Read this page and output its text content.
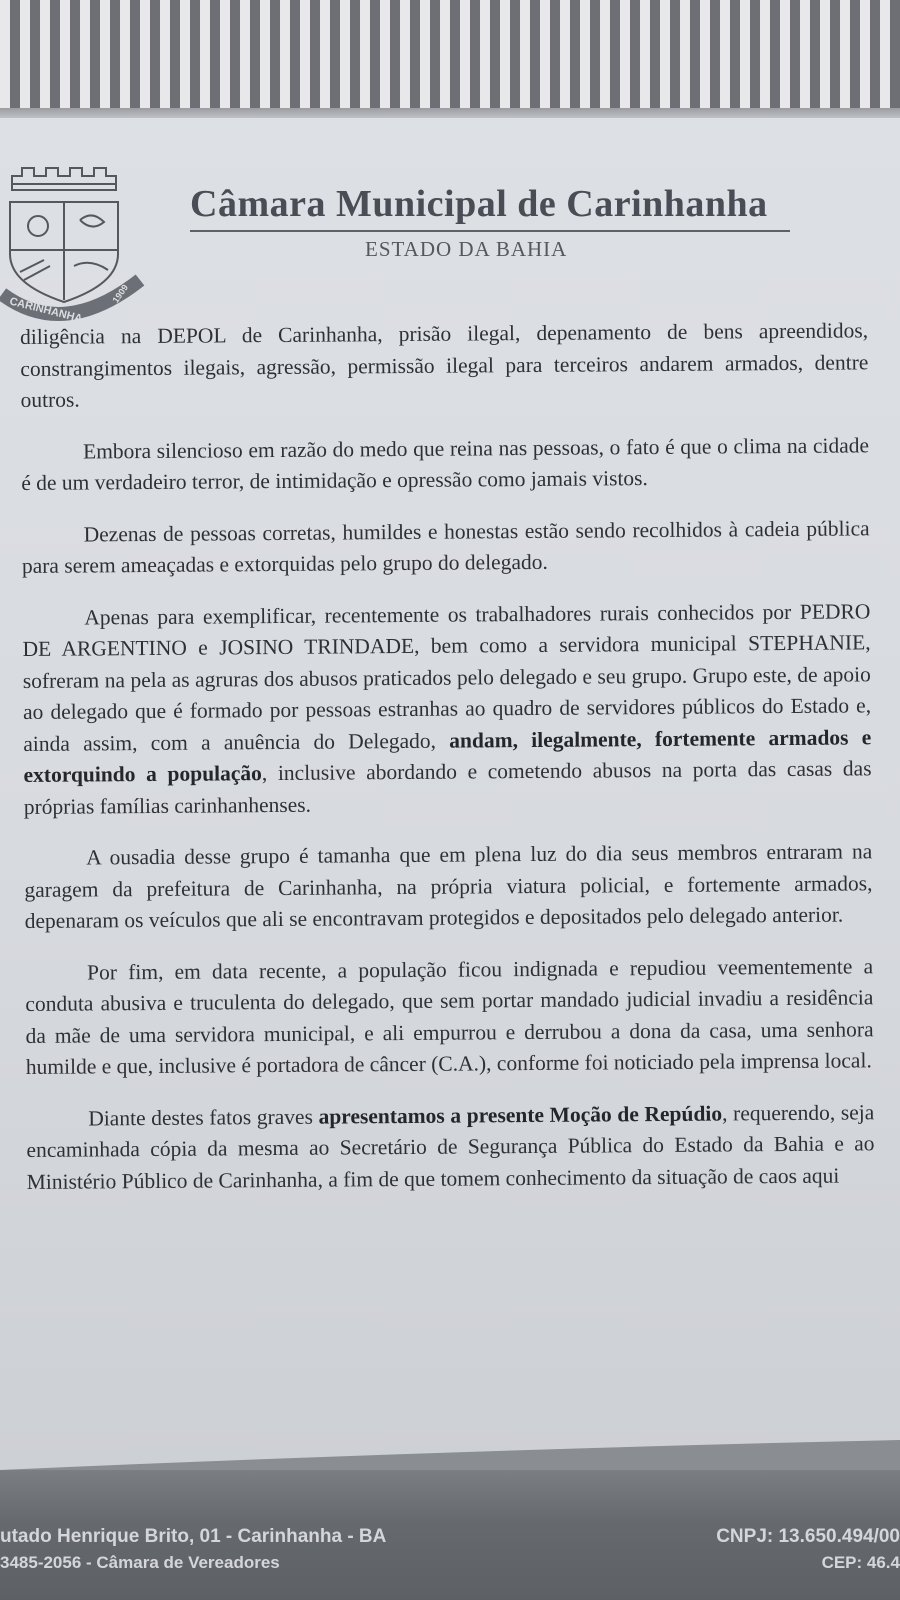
CARINHANHA
1909
Câmara Municipal de Carinhanha
ESTADO DA BAHIA

diligência na DEPOL de Carinhanha, prisão ilegal, depenamento de bens apreendidos, constrangimentos ilegais, agressão, permissão ilegal para terceiros andarem armados, dentre outros.

Embora silencioso em razão do medo que reina nas pessoas, o fato é que o clima na cidade é de um verdadeiro terror, de intimidação e opressão como jamais vistos.

Dezenas de pessoas corretas, humildes e honestas estão sendo recolhidos à cadeia pública para serem ameaçadas e extorquidas pelo grupo do delegado.

Apenas para exemplificar, recentemente os trabalhadores rurais conhecidos por PEDRO DE ARGENTINO e JOSINO TRINDADE, bem como a servidora municipal STEPHANIE, sofreram na pela as agruras dos abusos praticados pelo delegado e seu grupo. Grupo este, de apoio ao delegado que é formado por pessoas estranhas ao quadro de servidores públicos do Estado e, ainda assim, com a anuência do Delegado, andam, ilegalmente, fortemente armados e extorquindo a população, inclusive abordando e cometendo abusos na porta das casas das próprias famílias carinhanhenses.

A ousadia desse grupo é tamanha que em plena luz do dia seus membros entraram na garagem da prefeitura de Carinhanha, na própria viatura policial, e fortemente armados, depenaram os veículos que ali se encontravam protegidos e depositados pelo delegado anterior.

Por fim, em data recente, a população ficou indignada e repudiou veementemente a conduta abusiva e truculenta do delegado, que sem portar mandado judicial invadiu a residência da mãe de uma servidora municipal, e ali empurrou e derrubou a dona da casa, uma senhora humilde e que, inclusive é portadora de câncer (C.A.), conforme foi noticiado pela imprensa local.

Diante destes fatos graves apresentamos a presente Moção de Repúdio, requerendo, seja encaminhada cópia da mesma ao Secretário de Segurança Pública do Estado da Bahia e ao Ministério Público de Carinhanha, a fim de que tomem conhecimento da situação de caos aqui

utado Henrique Brito, 01 - Carinhanha - BA
3485-2056 - Câmara de Vereadores
CNPJ: 13.650.494/00
CEP: 46.4
